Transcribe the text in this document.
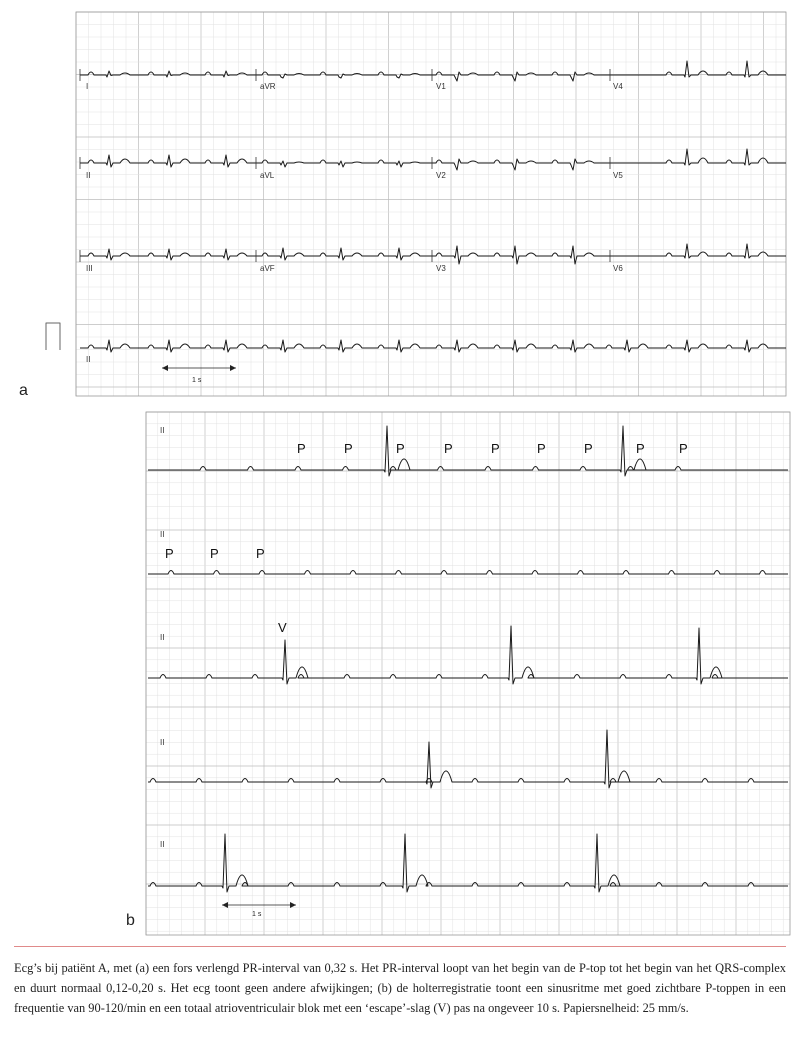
I	aVR	V1	V4
II	aVL	V2	V5
III	aVF	V3	V6
II
1 s
a
II
II
II
II
II
P	P	P	P	P	P	P	P	P
P	P	P
V
1 s
b

Ecg’s bij patiënt A, met (a) een fors verlengd PR-interval van 0,32 s. Het PR-interval loopt van het begin van de P-top tot het begin van het QRS-complex en duurt normaal 0,12-0,20 s. Het ecg toont geen andere afwijkingen; (b) de holterregistratie toont een sinusritme met goed zichtbare P-toppen in een frequentie van 90-120/min en een totaal atrioventriculair blok met een ‘escape’-slag (V) pas na ongeveer 10 s. Papiersnelheid: 25 mm/s.
